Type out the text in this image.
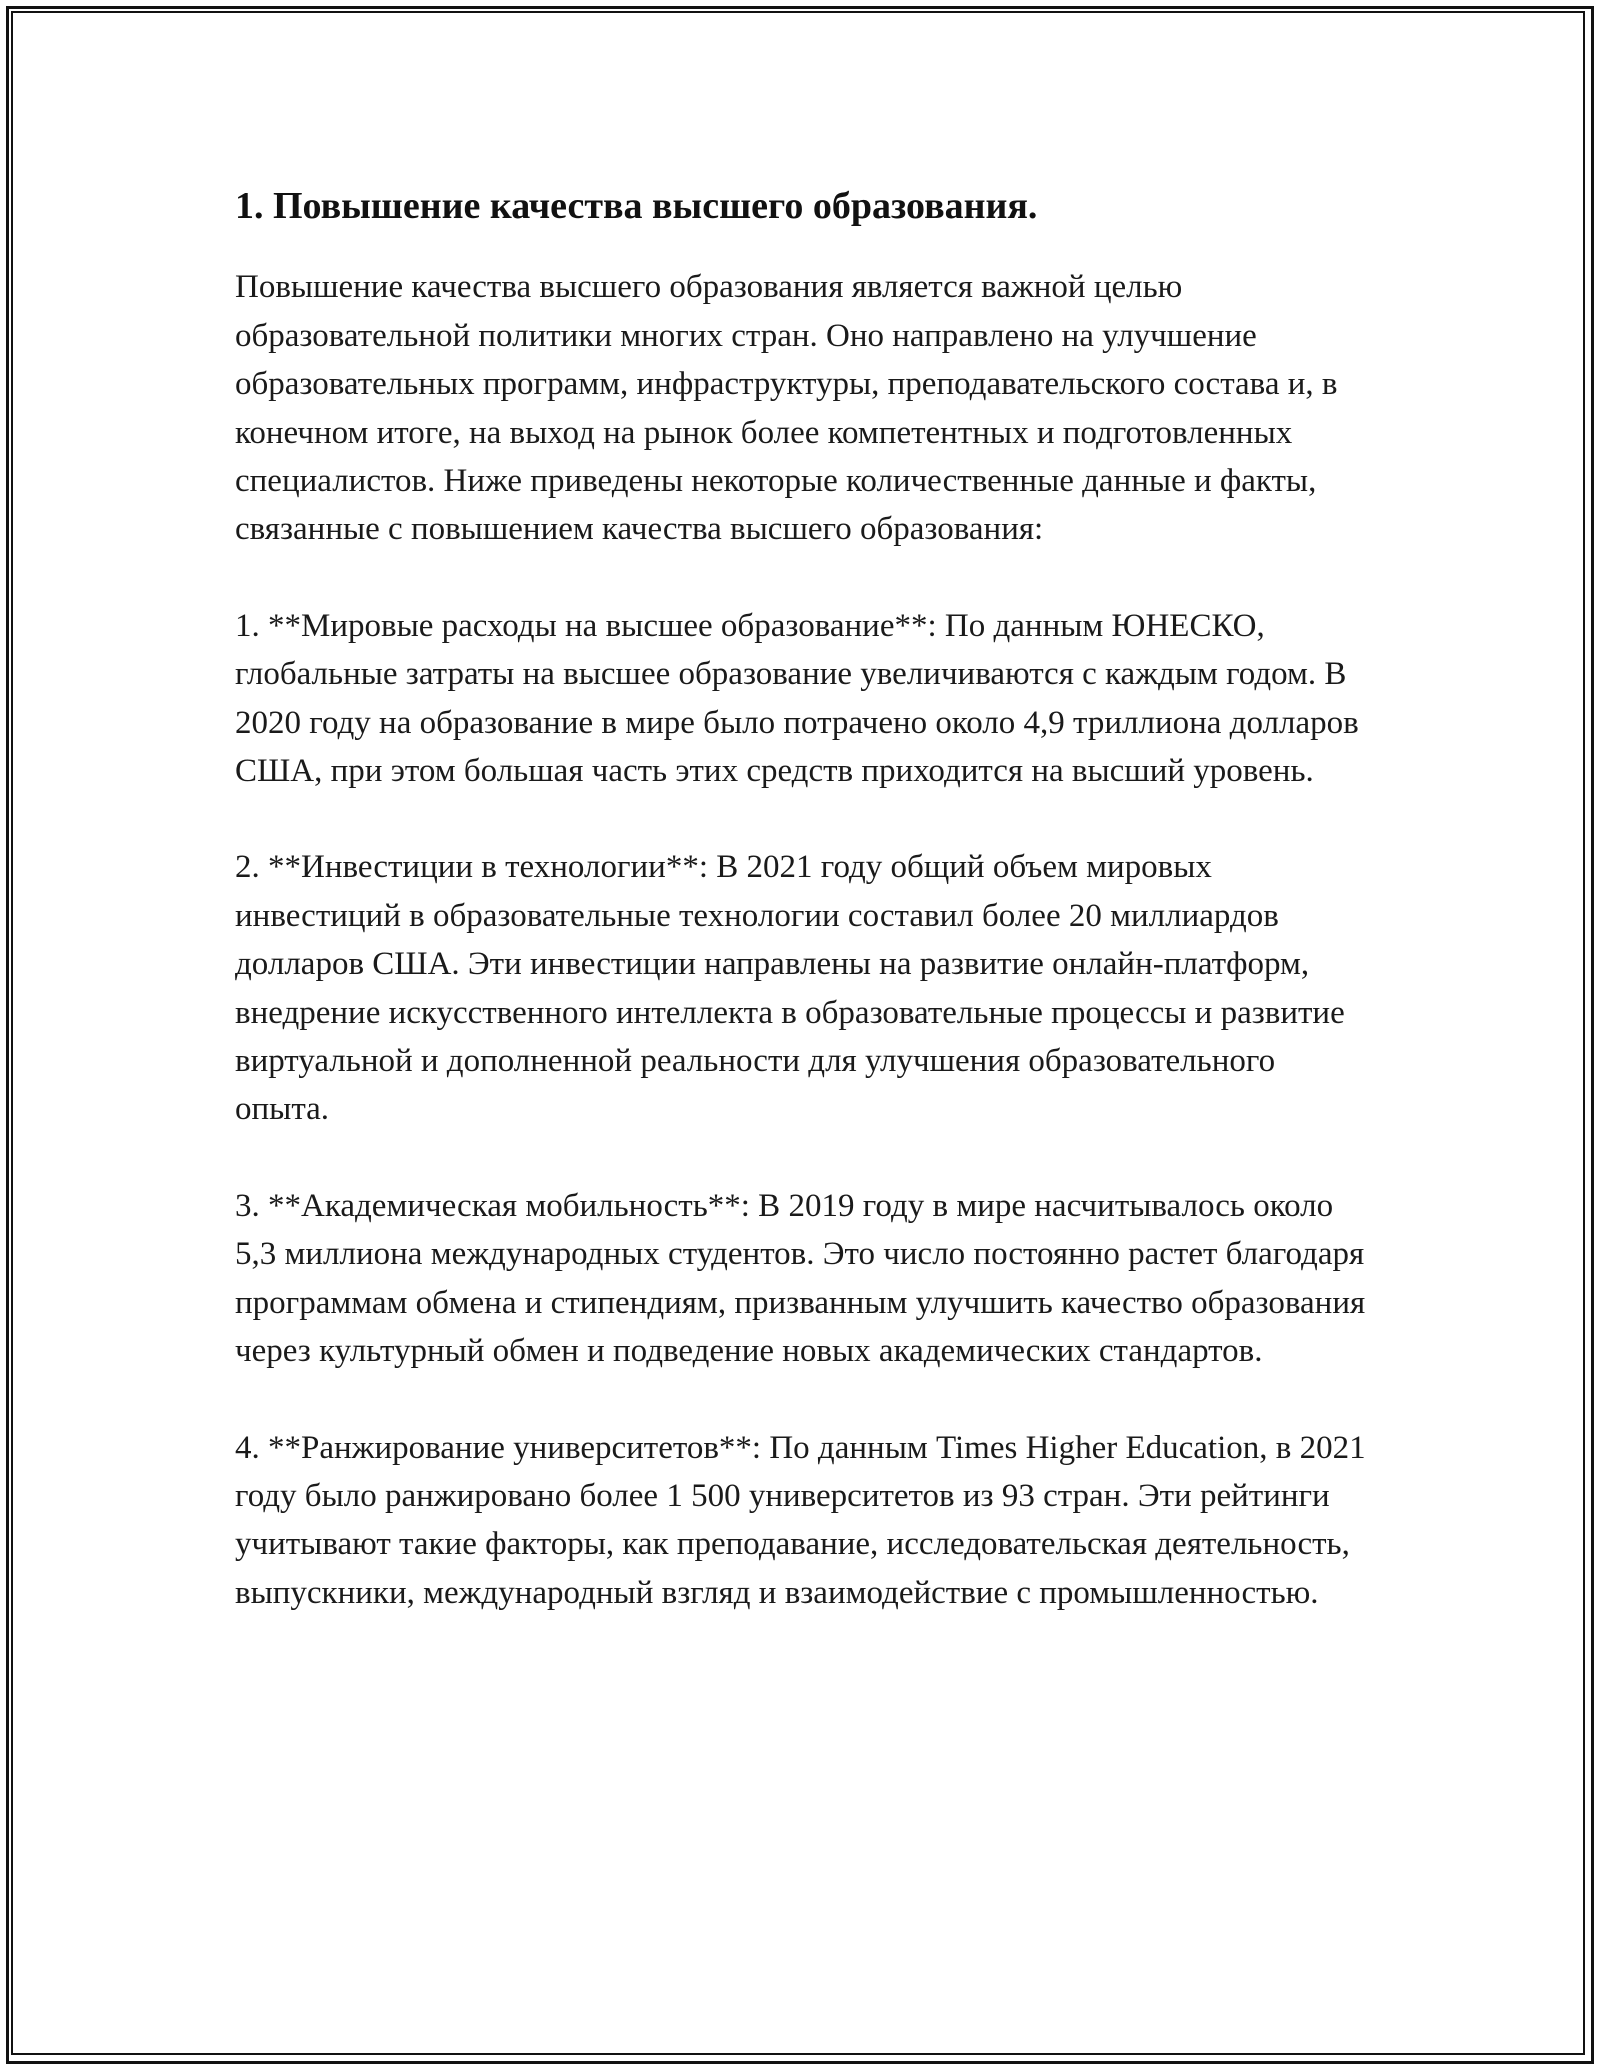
1. Повышение качества высшего образования.

Повышение качества высшего образования является важной целью образовательной политики многих стран. Оно направлено на улучшение образовательных программ, инфраструктуры, преподавательского состава и, в конечном итоге, на выход на рынок более компетентных и подготовленных специалистов. Ниже приведены некоторые количественные данные и факты, связанные с повышением качества высшего образования:

1. **Мировые расходы на высшее образование**: По данным ЮНЕСКО, глобальные затраты на высшее образование увеличиваются с каждым годом. В 2020 году на образование в мире было потрачено около 4,9 триллиона долларов США, при этом большая часть этих средств приходится на высший уровень.

2. **Инвестиции в технологии**: В 2021 году общий объем мировых инвестиций в образовательные технологии составил более 20 миллиардов долларов США. Эти инвестиции направлены на развитие онлайн-платформ, внедрение искусственного интеллекта в образовательные процессы и развитие виртуальной и дополненной реальности для улучшения образовательного опыта.

3. **Академическая мобильность**: В 2019 году в мире насчитывалось около 5,3 миллиона международных студентов. Это число постоянно растет благодаря программам обмена и стипендиям, призванным улучшить качество образования через культурный обмен и подведение новых академических стандартов.

4. **Ранжирование университетов**: По данным Times Higher Education, в 2021 году было ранжировано более 1 500 университетов из 93 стран. Эти рейтинги учитывают такие факторы, как преподавание, исследовательская деятельность, выпускники, международный взгляд и взаимодействие с промышленностью.
